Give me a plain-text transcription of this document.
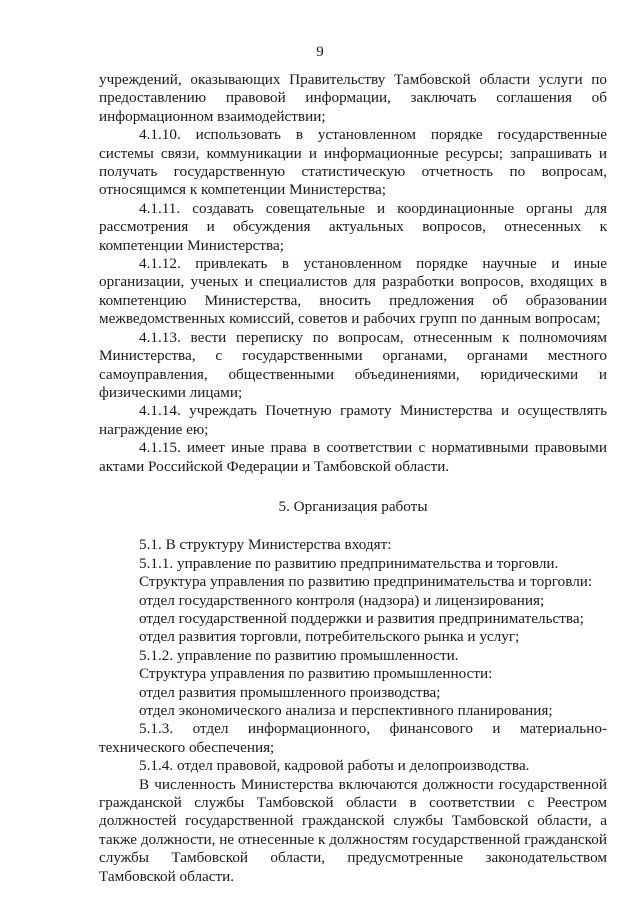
9

учреждений, оказывающих Правительству Тамбовской области услуги по предоставлению правовой информации, заключать соглашения об информационном взаимодействии;

4.1.10. использовать в установленном порядке государственные системы связи, коммуникации и информационные ресурсы; запрашивать и получать государственную статистическую отчетность по вопросам, относящимся к компетенции Министерства;

4.1.11. создавать совещательные и координационные органы для рассмотрения и обсуждения актуальных вопросов, отнесенных к компетенции Министерства;

4.1.12. привлекать в установленном порядке научные и иные организации, ученых и специалистов для разработки вопросов, входящих в компетенцию Министерства, вносить предложения об образовании межведомственных комиссий, советов и рабочих групп по данным вопросам;

4.1.13. вести переписку по вопросам, отнесенным к полномочиям Министерства, с государственными органами, органами местного самоуправления, общественными объединениями, юридическими и физическими лицами;

4.1.14. учреждать Почетную грамоту Министерства и осуществлять награждение ею;

4.1.15. имеет иные права в соответствии с нормативными правовыми актами Российской Федерации и Тамбовской области.

5. Организация работы
5.1. В структуру Министерства входят:
5.1.1. управление по развитию предпринимательства и торговли.
Структура управления по развитию предпринимательства и торговли:
отдел государственного контроля (надзора) и лицензирования;
отдел государственной поддержки и развития предпринимательства;
отдел развития торговли, потребительского рынка и услуг;
5.1.2. управление по развитию промышленности.
Структура управления по развитию промышленности:
отдел развития промышленного производства;
отдел экономического анализа и перспективного планирования;

5.1.3. отдел информационного, финансового и материально-технического обеспечения;

5.1.4. отдел правовой, кадровой работы и делопроизводства.

В численность Министерства включаются должности государственной гражданской службы Тамбовской области в соответствии с Реестром должностей государственной гражданской службы Тамбовской области, а также должности, не отнесенные к должностям государственной гражданской службы Тамбовской области, предусмотренные законодательством Тамбовской области.
